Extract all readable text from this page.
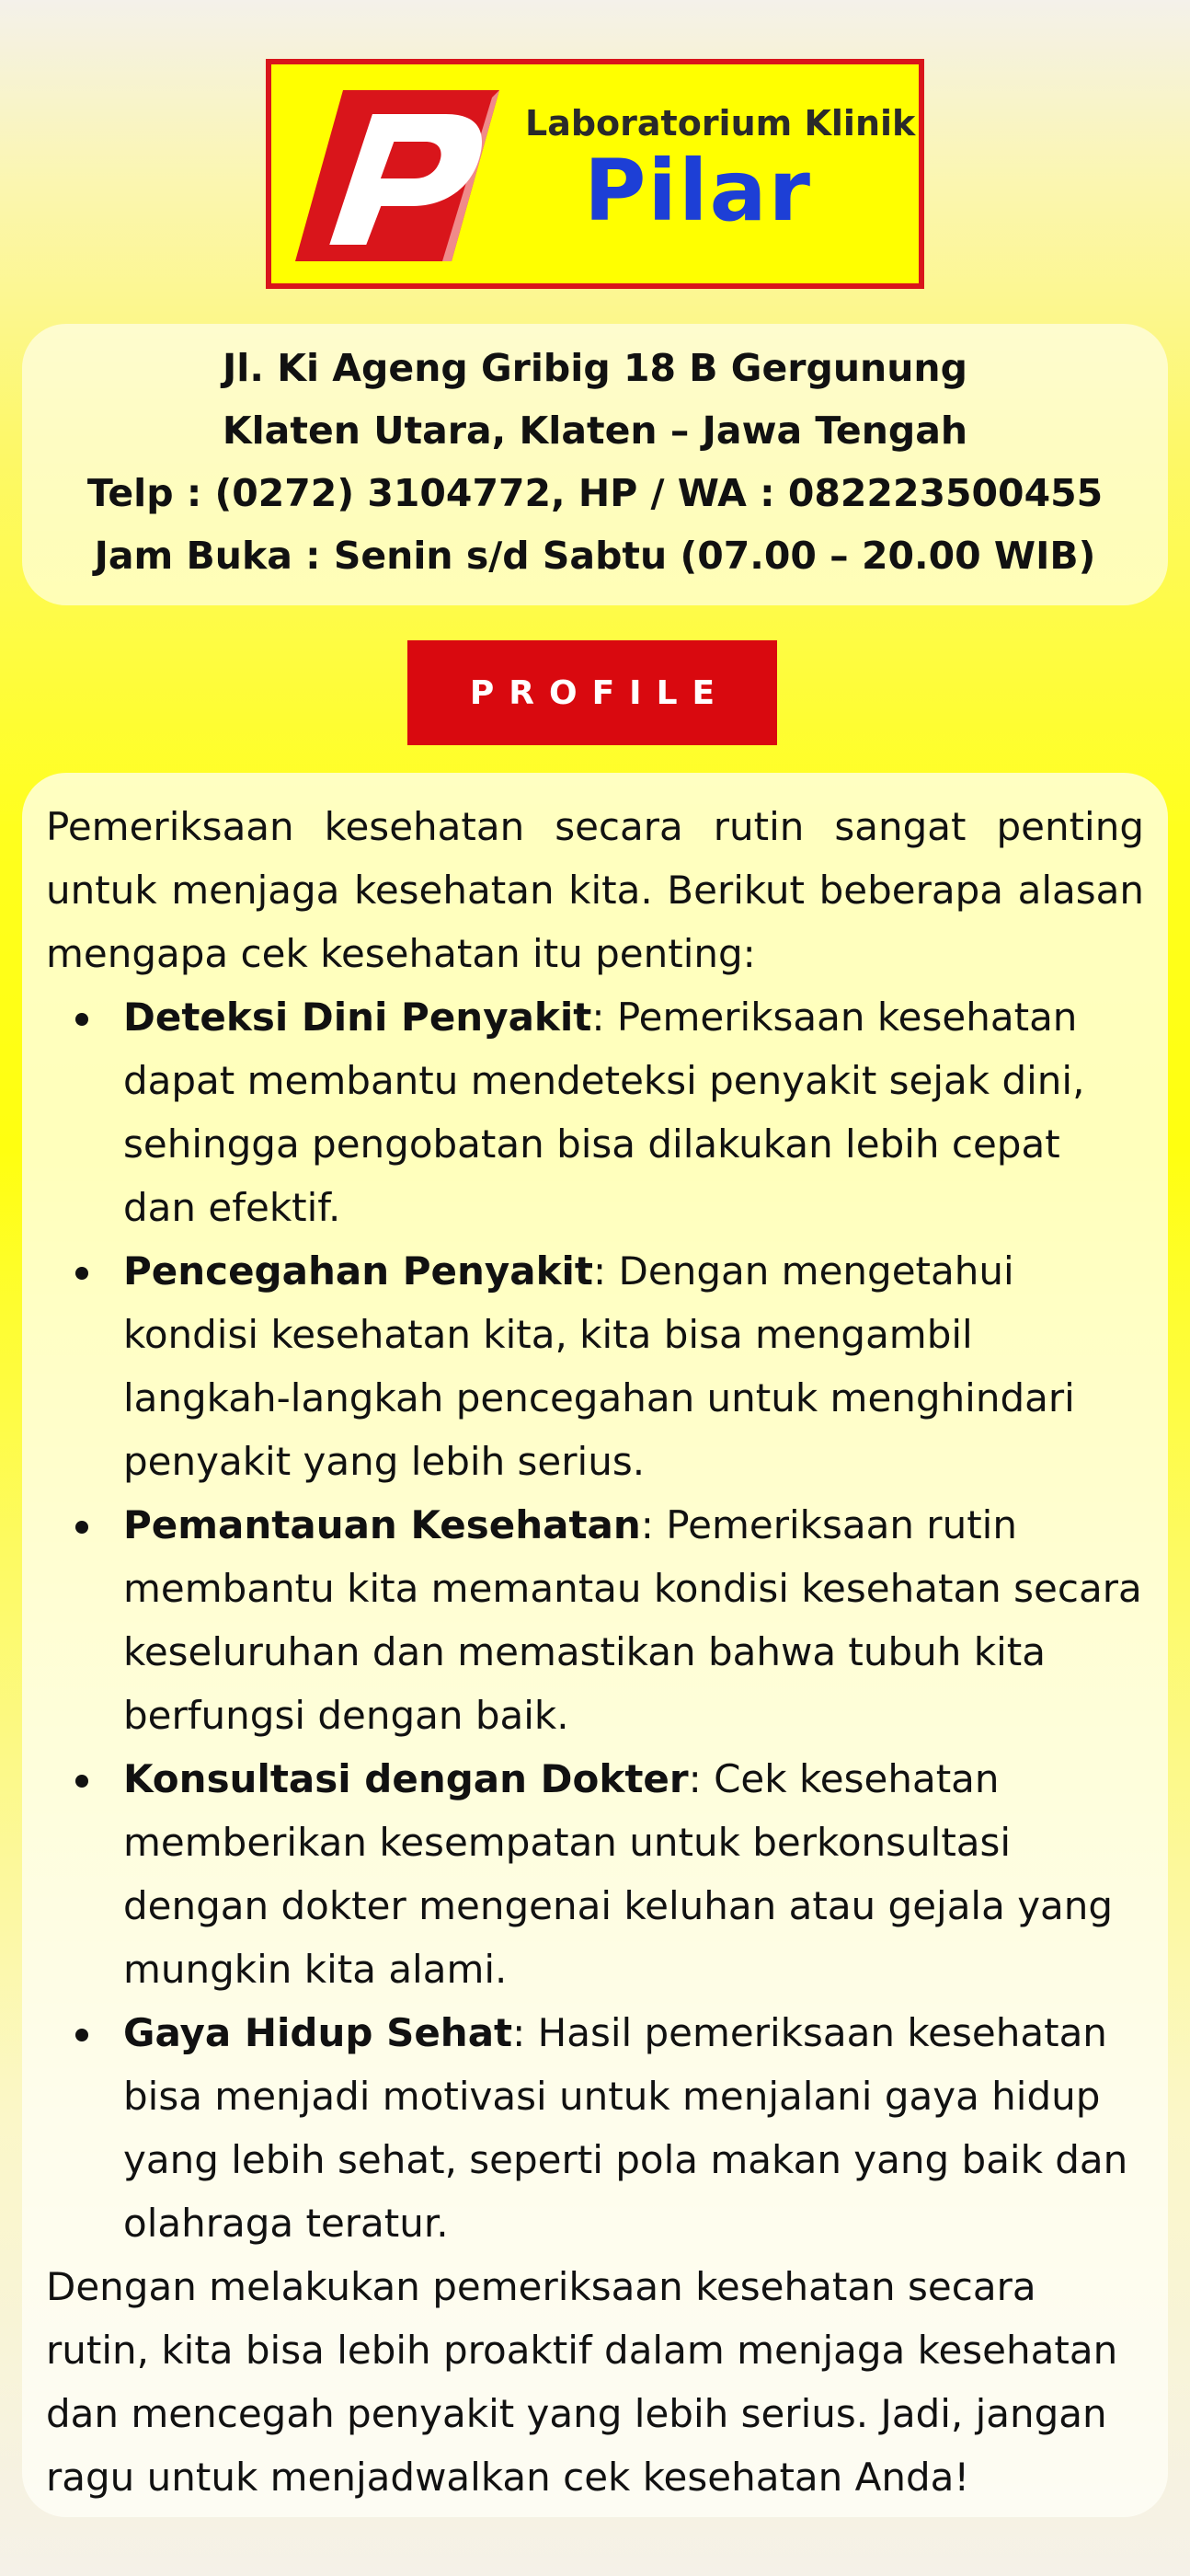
Laboratorium Klinik
Pilar
Jl. Ki Ageng Gribig 18 B Gergunung
Klaten Utara, Klaten – Jawa Tengah
Telp : (0272) 3104772, HP / WA : 082223500455
Jam Buka : Senin s/d Sabtu (07.00 – 20.00 WIB)
PROFILE

Pemeriksaan kesehatan secara rutin sangat penting untuk menjaga kesehatan kita. Berikut beberapa alasan mengapa cek kesehatan itu penting:

Deteksi Dini Penyakit: Pemeriksaan kesehatan dapat membantu mendeteksi penyakit sejak dini, sehingga pengobatan bisa dilakukan lebih cepat dan efektif.
Pencegahan Penyakit: Dengan mengetahui kondisi kesehatan kita, kita bisa mengambil langkah-langkah pencegahan untuk menghindari penyakit yang lebih serius.
Pemantauan Kesehatan: Pemeriksaan rutin membantu kita memantau kondisi kesehatan secara keseluruhan dan memastikan bahwa tubuh kita berfungsi dengan baik.
Konsultasi dengan Dokter: Cek kesehatan memberikan kesempatan untuk berkonsultasi dengan dokter mengenai keluhan atau gejala yang mungkin kita alami.
Gaya Hidup Sehat: Hasil pemeriksaan kesehatan bisa menjadi motivasi untuk menjalani gaya hidup yang lebih sehat, seperti pola makan yang baik dan olahraga teratur.

Dengan melakukan pemeriksaan kesehatan secara rutin, kita bisa lebih proaktif dalam menjaga kesehatan dan mencegah penyakit yang lebih serius. Jadi, jangan ragu untuk menjadwalkan cek kesehatan Anda!
